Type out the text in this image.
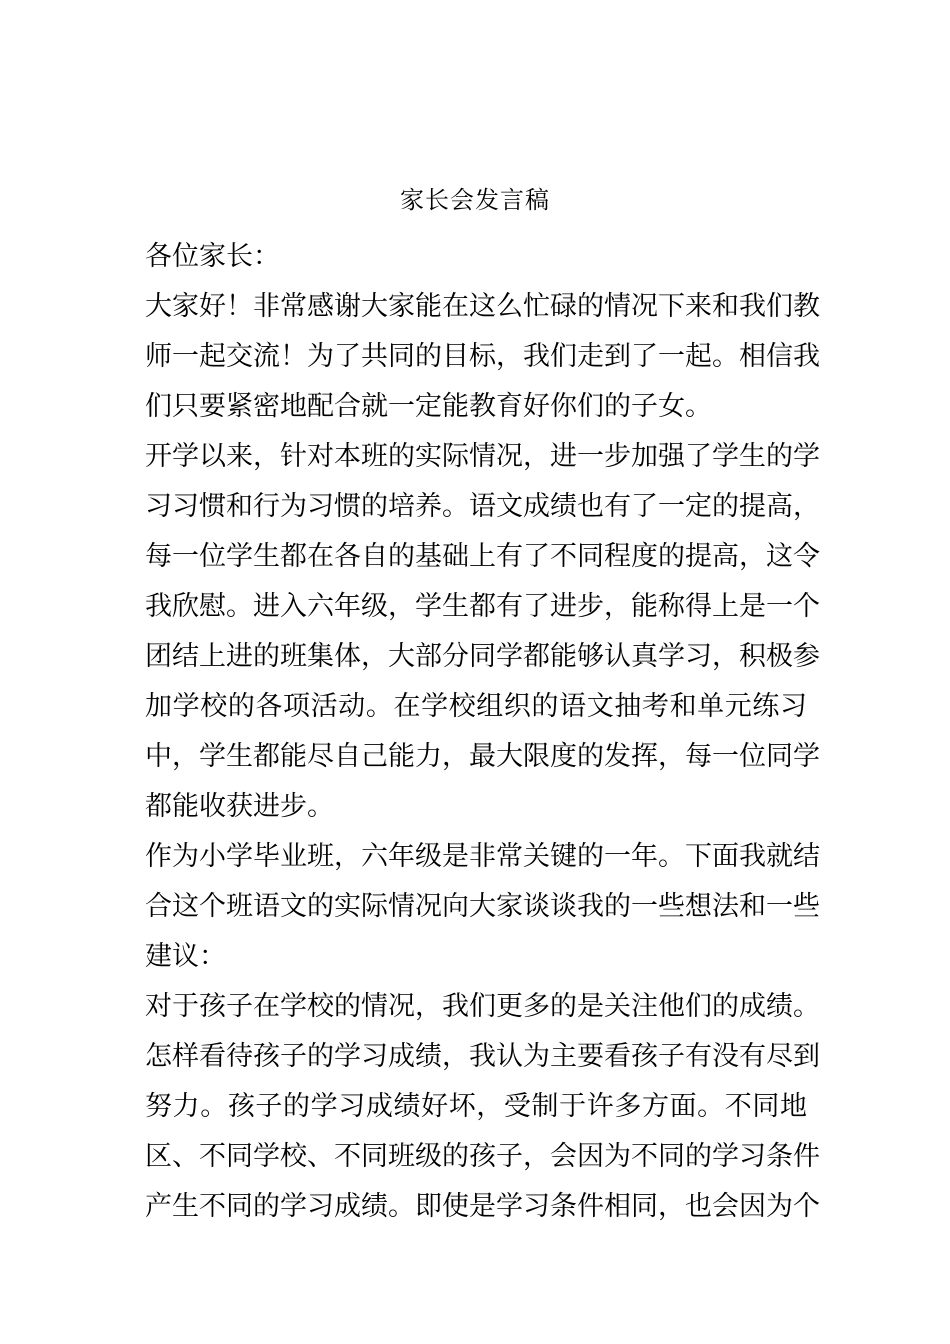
家长会发言稿
各位家长：
大家好！非常感谢大家能在这么忙碌的情况下来和我们教
师一起交流！为了共同的目标，我们走到了一起。相信我
们只要紧密地配合就一定能教育好你们的子女。
开学以来，针对本班的实际情况，进一步加强了学生的学
习习惯和行为习惯的培养。语文成绩也有了一定的提高，
每一位学生都在各自的基础上有了不同程度的提高，这令
我欣慰。进入六年级，学生都有了进步，能称得上是一个
团结上进的班集体，大部分同学都能够认真学习，积极参
加学校的各项活动。在学校组织的语文抽考和单元练习
中，学生都能尽自己能力，最大限度的发挥，每一位同学
都能收获进步。
作为小学毕业班，六年级是非常关键的一年。下面我就结
合这个班语文的实际情况向大家谈谈我的一些想法和一些
建议：
对于孩子在学校的情况，我们更多的是关注他们的成绩。
怎样看待孩子的学习成绩，我认为主要看孩子有没有尽到
努力。孩子的学习成绩好坏，受制于许多方面。不同地
区、不同学校、不同班级的孩子，会因为不同的学习条件
产生不同的学习成绩。即使是学习条件相同，也会因为个
